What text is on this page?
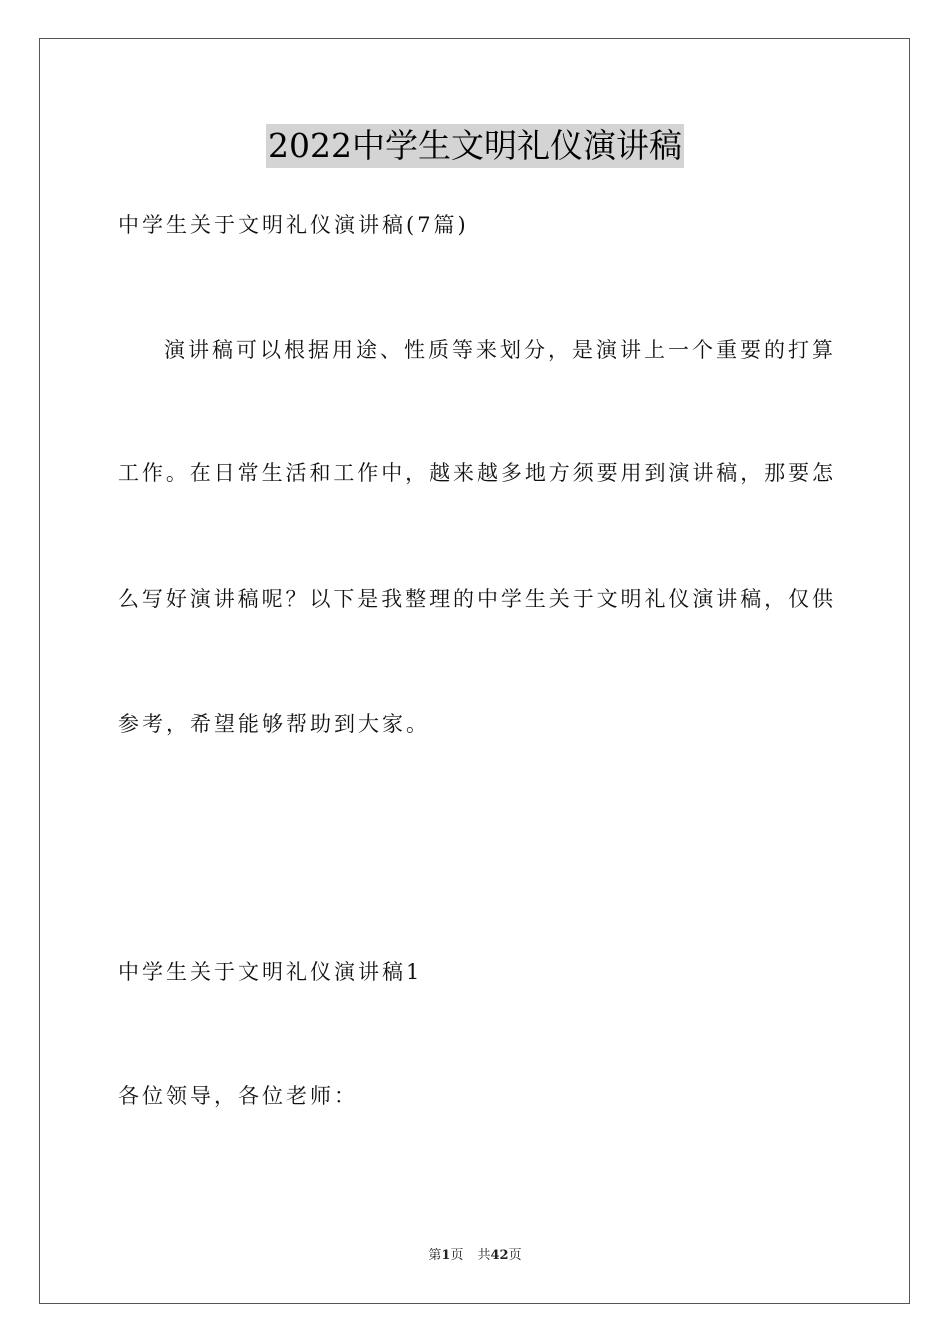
2022中学生文明礼仪演讲稿
中学生关于文明礼仪演讲稿(7篇)
演讲稿可以根据用途、性质等来划分，是演讲上一个重要的打算
工作。在日常生活和工作中，越来越多地方须要用到演讲稿，那要怎
么写好演讲稿呢？以下是我整理的中学生关于文明礼仪演讲稿，仅供
参考，希望能够帮助到大家。
中学生关于文明礼仪演讲稿1
各位领导，各位老师：
第1页 共42页
